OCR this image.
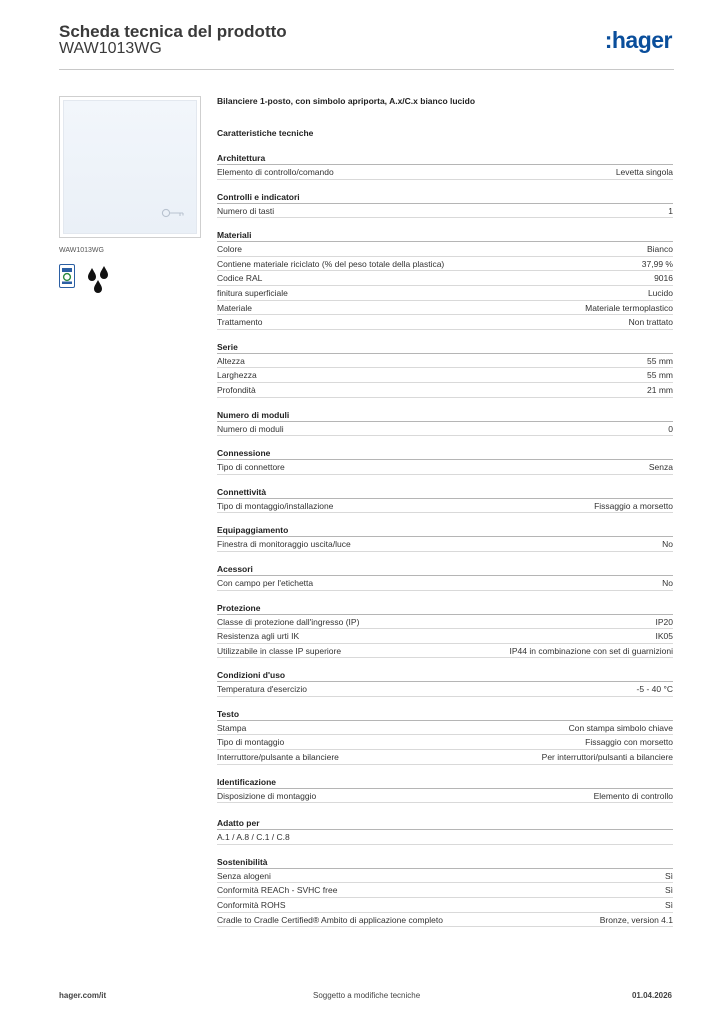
Scheda tecnica del prodotto
WAW1013WG	:hager
WAW1013WG
Bilanciere 1-posto, con simbolo apriporta, A.x/C.x bianco lucido
Caratteristiche tecniche
Architettura
Elemento di controllo/comando	Levetta singola
Controlli e indicatori
Numero di tasti	1
Materiali
Colore	Bianco
Contiene materiale riciclato (% del peso totale della plastica)	37,99 %
Codice RAL	9016
finitura superficiale	Lucido
Materiale	Materiale termoplastico
Trattamento	Non trattato
Serie
Altezza	55 mm
Larghezza	55 mm
Profondità	21 mm
Numero di moduli
Numero di moduli	0
Connessione
Tipo di connettore	Senza
Connettività
Tipo di montaggio/installazione	Fissaggio a morsetto
Equipaggiamento
Finestra di monitoraggio uscita/luce	No
Acessori
Con campo per l'etichetta	No
Protezione
Classe di protezione dall'ingresso (IP)	IP20
Resistenza agli urti IK	IK05
Utilizzabile in classe IP superiore	IP44 in combinazione con set di guarnizioni
Condizioni d'uso
Temperatura d'esercizio	-5 - 40 °C
Testo
Stampa	Con stampa simbolo chiave
Tipo di montaggio	Fissaggio con morsetto
Interruttore/pulsante a bilanciere	Per interruttori/pulsanti a bilanciere
Identificazione
Disposizione di montaggio	Elemento di controllo
Adatto per
A.1 / A.8 / C.1 / C.8
Sostenibilità
Senza alogeni	Sì
Conformità REACh - SVHC free	Sì
Conformità ROHS	Sì
Cradle to Cradle Certified® Ambito di applicazione completo	Bronze, version 4.1
hager.com/it	Soggetto a modifiche tecniche	01.04.2026
